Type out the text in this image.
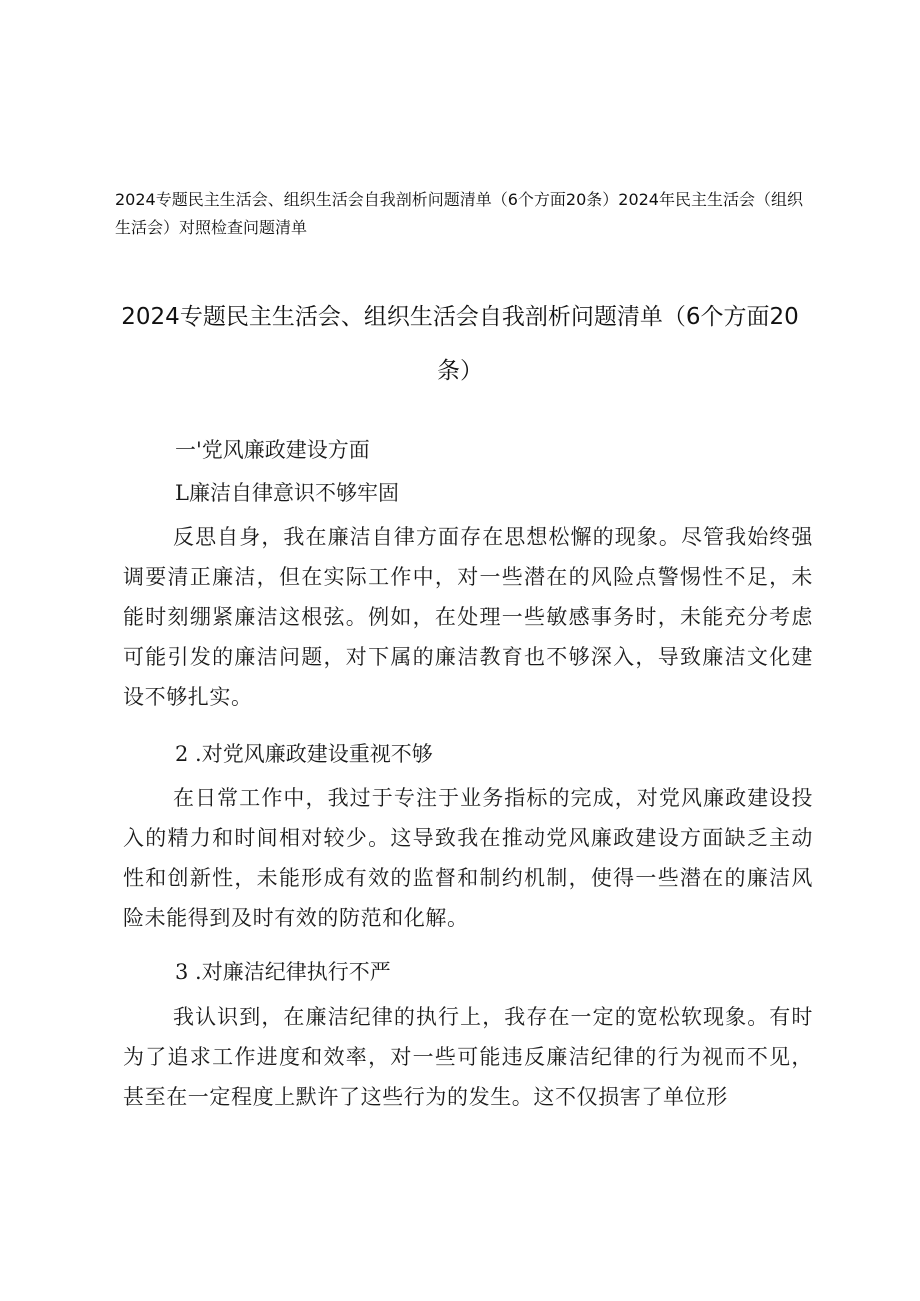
2024专题民主生活会、组织生活会自我剖析问题清单（6个方面20条）2024年民主生活会（组织生活会）对照检查问题清单

2024专题民主生活会、组织生活会自我剖析问题清单（6个方面20条）

一'党风廉政建设方面

L廉洁自律意识不够牢固

反思自身，我在廉洁自律方面存在思想松懈的现象。尽管我始终强调要清正廉洁，但在实际工作中，对一些潜在的风险点警惕性不足，未能时刻绷紧廉洁这根弦。例如，在处理一些敏感事务时，未能充分考虑可能引发的廉洁问题，对下属的廉洁教育也不够深入，导致廉洁文化建设不够扎实。

2 .对党风廉政建设重视不够

在日常工作中，我过于专注于业务指标的完成，对党风廉政建设投入的精力和时间相对较少。这导致我在推动党风廉政建设方面缺乏主动性和创新性，未能形成有效的监督和制约机制，使得一些潜在的廉洁风险未能得到及时有效的防范和化解。

3 .对廉洁纪律执行不严

我认识到，在廉洁纪律的执行上，我存在一定的宽松软现象。有时为了追求工作进度和效率，对一些可能违反廉洁纪律的行为视而不见，甚至在一定程度上默许了这些行为的发生。这不仅损害了单位形
